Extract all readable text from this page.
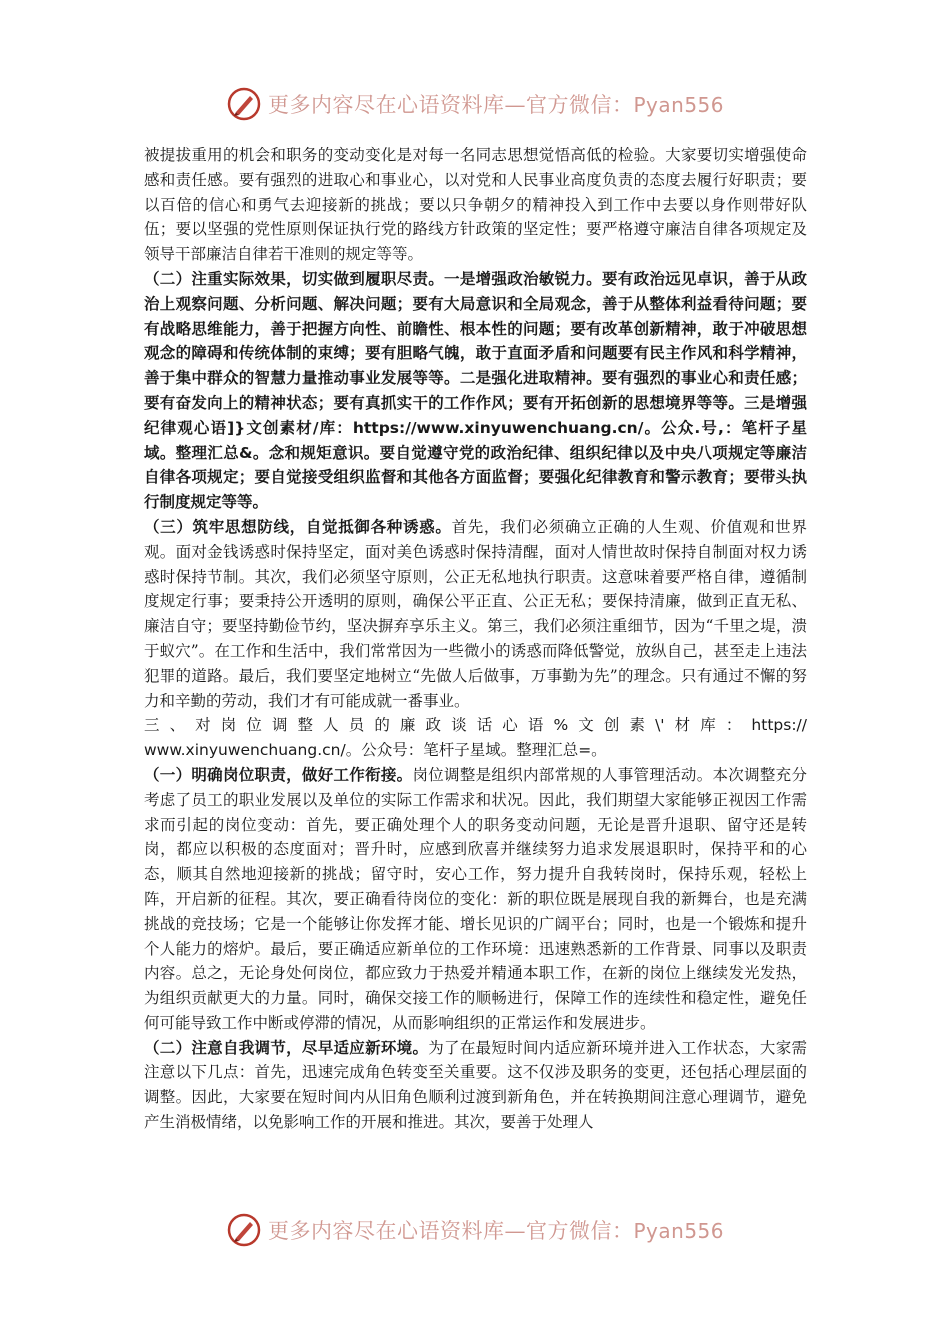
更多内容尽在心语资料库—官方微信：Pyan556

被提拔重用的机会和职务的变动变化是对每一名同志思想觉悟高低的检验。大家要切实增强使命感和责任感。要有强烈的进取心和事业心，以对党和人民事业高度负责的态度去履行好职责；要以百倍的信心和勇气去迎接新的挑战；要以只争朝夕的精神投入到工作中去要以身作则带好队伍；要以坚强的党性原则保证执行党的路线方针政策的坚定性；要严格遵守廉洁自律各项规定及领导干部廉洁自律若干准则的规定等等。

（二）注重实际效果，切实做到履职尽责。一是增强政治敏锐力。要有政治远见卓识，善于从政治上观察问题、分析问题、解决问题；要有大局意识和全局观念，善于从整体利益看待问题；要有战略思维能力，善于把握方向性、前瞻性、根本性的问题；要有改革创新精神，敢于冲破思想观念的障碍和传统体制的束缚；要有胆略气魄，敢于直面矛盾和问题要有民主作风和科学精神，善于集中群众的智慧力量推动事业发展等等。二是强化进取精神。要有强烈的事业心和责任感；要有奋发向上的精神状态；要有真抓实干的工作作风；要有开拓创新的思想境界等等。三是增强纪律观心语]}文创素材/库：https://www.xinyuwenchuang.cn/。公众.号,：笔杆子星域。整理汇总&。念和规矩意识。要自觉遵守党的政治纪律、组织纪律以及中央八项规定等廉洁自律各项规定；要自觉接受组织监督和其他各方面监督；要强化纪律教育和警示教育；要带头执行制度规定等等。

（三）筑牢思想防线，自觉抵御各种诱惑。首先，我们必须确立正确的人生观、价值观和世界观。面对金钱诱惑时保持坚定，面对美色诱惑时保持清醒，面对人情世故时保持自制面对权力诱惑时保持节制。其次，我们必须坚守原则，公正无私地执行职责。这意味着要严格自律，遵循制度规定行事；要秉持公开透明的原则，确保公平正直、公正无私；要保持清廉，做到正直无私、廉洁自守；要坚持勤俭节约，坚决摒弃享乐主义。第三，我们必须注重细节，因为“千里之堤，溃于蚁穴”。在工作和生活中，我们常常因为一些微小的诱惑而降低警觉，放纵自己，甚至走上违法犯罪的道路。最后，我们要坚定地树立“先做人后做事，万事勤为先”的理念。只有通过不懈的努力和辛勤的劳动，我们才有可能成就一番事业。

三、对岗位调整人员的廉政谈话心语%文创素\'材库：https://

www.xinyuwenchuang.cn/。公众号：笔杆子星域。整理汇总=。

（一）明确岗位职责，做好工作衔接。岗位调整是组织内部常规的人事管理活动。本次调整充分考虑了员工的职业发展以及单位的实际工作需求和状况。因此，我们期望大家能够正视因工作需求而引起的岗位变动：首先，要正确处理个人的职务变动问题，无论是晋升退职、留守还是转岗，都应以积极的态度面对；晋升时，应感到欣喜并继续努力追求发展退职时，保持平和的心态，顺其自然地迎接新的挑战；留守时，安心工作，努力提升自我转岗时，保持乐观，轻松上阵，开启新的征程。其次，要正确看待岗位的变化：新的职位既是展现自我的新舞台，也是充满挑战的竞技场；它是一个能够让你发挥才能、增长见识的广阔平台；同时，也是一个锻炼和提升个人能力的熔炉。最后，要正确适应新单位的工作环境：迅速熟悉新的工作背景、同事以及职责内容。总之，无论身处何岗位，都应致力于热爱并精通本职工作，在新的岗位上继续发光发热，为组织贡献更大的力量。同时，确保交接工作的顺畅进行，保障工作的连续性和稳定性，避免任何可能导致工作中断或停滞的情况，从而影响组织的正常运作和发展进步。

（二）注意自我调节，尽早适应新环境。为了在最短时间内适应新环境并进入工作状态，大家需注意以下几点：首先，迅速完成角色转变至关重要。这不仅涉及职务的变更，还包括心理层面的调整。因此，大家要在短时间内从旧角色顺利过渡到新角色，并在转换期间注意心理调节，避免产生消极情绪，以免影响工作的开展和推进。其次，要善于处理人

更多内容尽在心语资料库—官方微信：Pyan556
